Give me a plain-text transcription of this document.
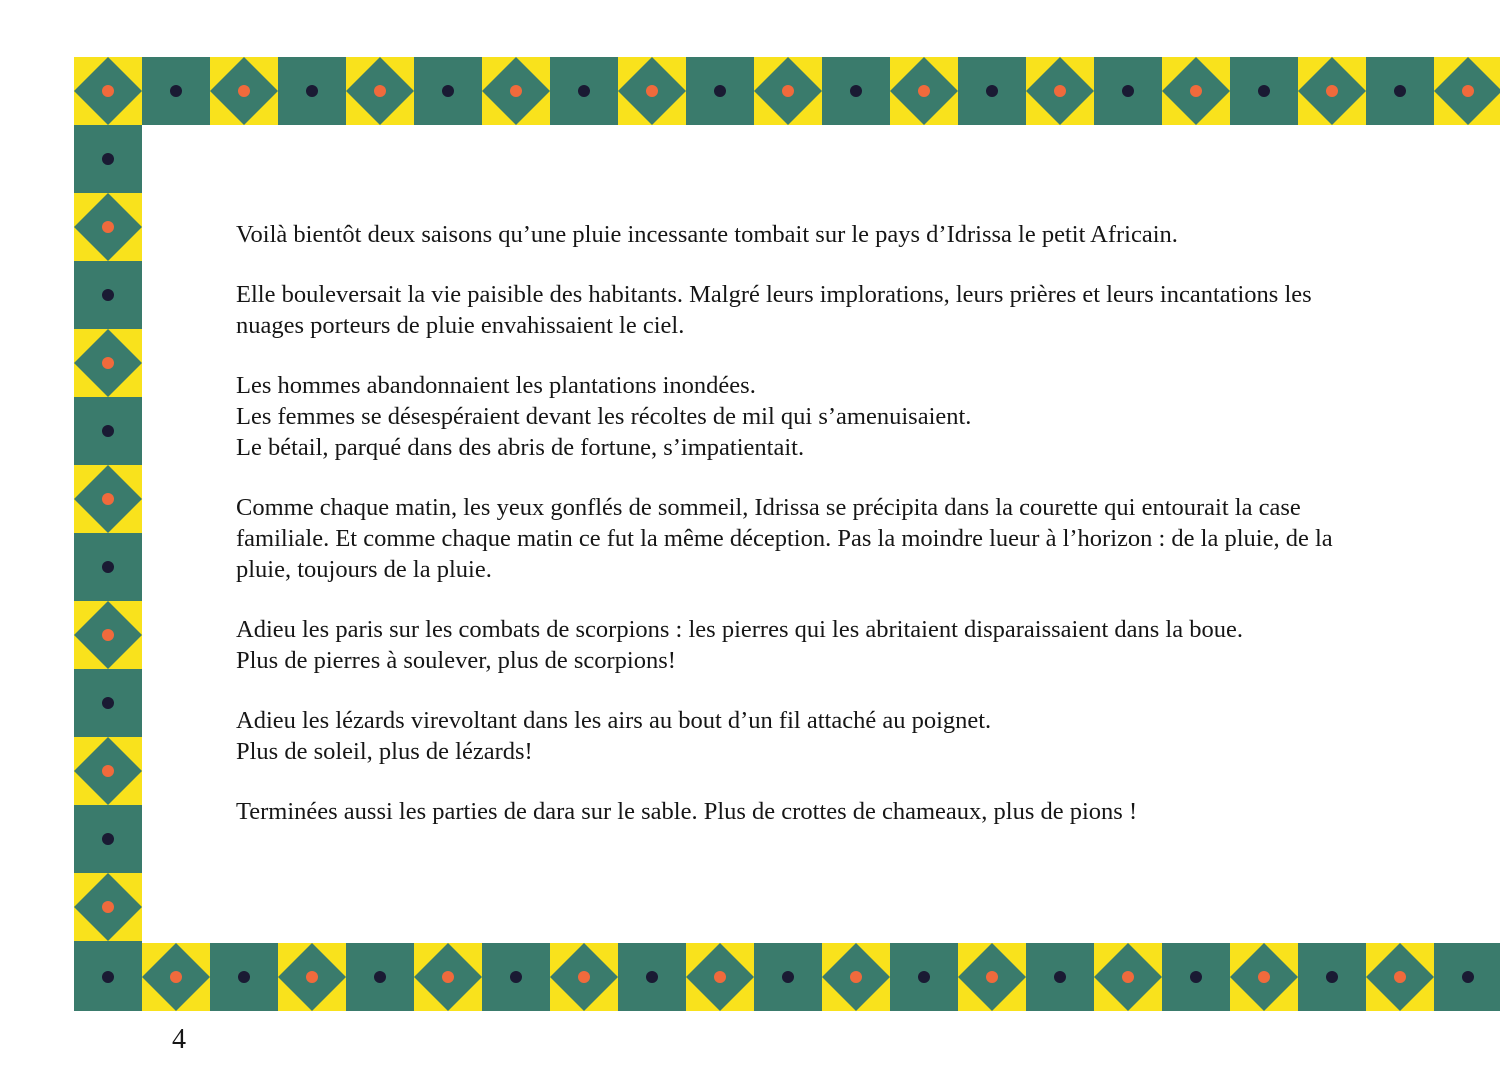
Voilà bientôt deux saisons qu’une pluie incessante tombait sur le pays d’Idrissa le petit Africain.

Elle bouleversait la vie paisible des habitants. Malgré leurs implorations, leurs prières et leurs incantations les
nuages porteurs de pluie envahissaient le ciel.

Les hommes abandonnaient les plantations inondées.
Les femmes se désespéraient devant les récoltes de mil qui s’amenuisaient.
Le bétail, parqué dans des abris de fortune, s’impatientait.

Comme chaque matin, les yeux gonflés de sommeil, Idrissa se précipita dans la courette qui entourait la case
familiale. Et comme chaque matin ce fut la même déception. Pas la moindre lueur à l’horizon : de la pluie, de la
pluie, toujours de la pluie.

Adieu les paris sur les combats de scorpions : les pierres qui les abritaient disparaissaient dans la boue.
Plus de pierres à soulever, plus de scorpions!

Adieu les lézards virevoltant dans les airs au bout d’un fil attaché au poignet.
Plus de soleil, plus de lézards!

Terminées aussi les parties de dara sur le sable. Plus de crottes de chameaux, plus de pions !

4
